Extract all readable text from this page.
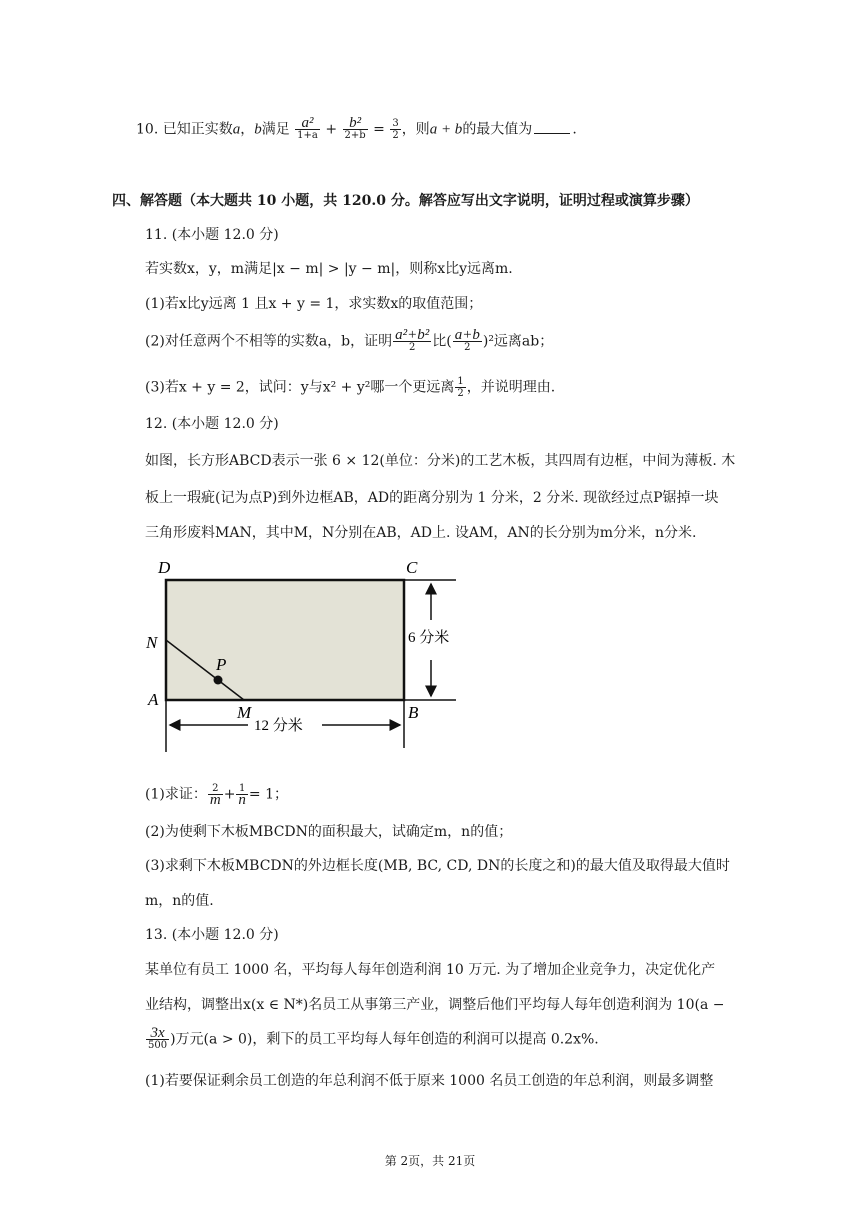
10. 已知正实数a，b满足 $\frac{\text{a²}}{1+a} + \frac{\text{b²}}{2+b} = \frac{3}{2}$ ，则a + b的最大值为	.
四、解答题（本大题共 10 小题，共 120.0 分。解答应写出文字说明，证明过程或演算步骤）
11. (本小题 12.0 分)
若实数x，y，m满足|x − m| > |y − m|，则称x比y远离m.
(1)若x比y远离 1 且x + y = 1，求实数x的取值范围；
(2)对任意两个不相等的实数a，b，证明 $\frac{\text{a²+b²}}{2}$ 比( $\frac{a+b}{2} )^2$远离ab；
(3)若x + y = 2，试问：y与x² + y²哪一个更远离 $\frac{1}{2}$ ，并说明理由.
12. (本小题 12.0 分)
如图，长方形ABCD表示一张 6 × 12(单位：分米)的工艺木板，其四周有边框，中间为薄板. 木
板上一瑕疵(记为点P)到外边框AB，AD的距离分别为 1 分米，2 分米. 现欲经过点P锯掉一块
三角形废料MAN，其中M，N分别在AB，AD上. 设AM，AN的长分别为m分米，n分米.
D	C
N
P
A
M	B
6 分米
12 分米
(1)求证： $\frac{2}{m} + \frac{1}{n} = 1$；
(2)为使剩下木板MBCDN的面积最大，试确定m，n的值；
(3)求剩下木板MBCDN的外边框长度(MB, BC, CD, DN的长度之和)的最大值及取得最大值时
m，n的值.
13. (本小题 12.0 分)
某单位有员工 1000 名，平均每人每年创造利润 10 万元. 为了增加企业竞争力，决定优化产
业结构，调整出x(x ∈ N*)名员工从事第三产业，调整后他们平均每人每年创造利润为 10(a −
$\frac{3x}{500}$ )万元(a > 0)，剩下的员工平均每人每年创造的利润可以提高 0.2x%.
(1)若要保证剩余员工创造的年总利润不低于原来 1000 名员工创造的年总利润，则最多调整
第 2页，共 21页
